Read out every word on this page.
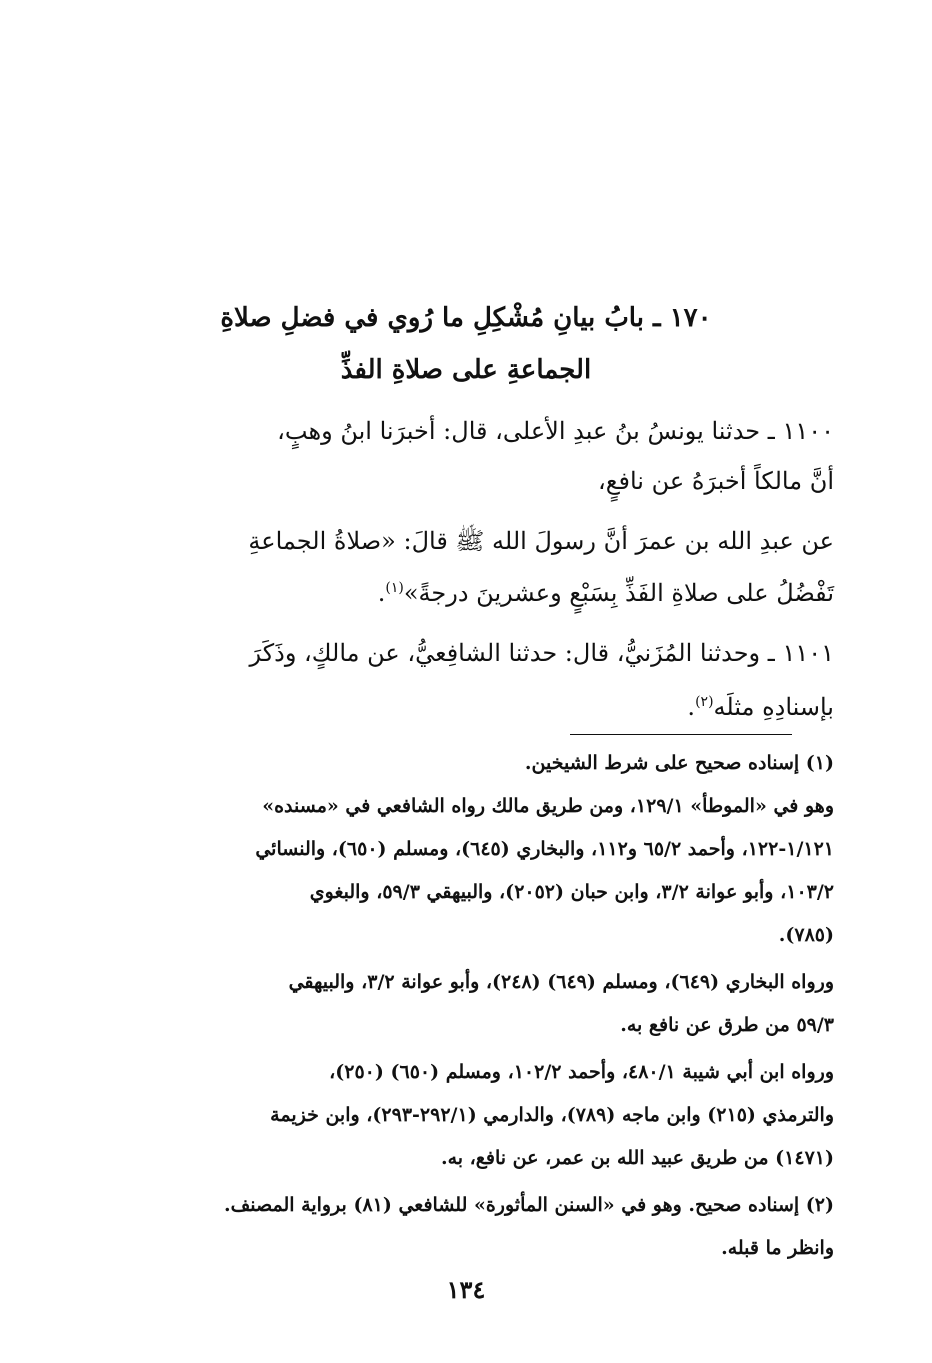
١٧٠ ـ بابُ بيانِ مُشْكِلِ ما رُوي في فضلِ صلاةِ
الجماعةِ على صلاةِ الفذِّ

١١٠٠ ـ حدثنا يونسُ بنُ عبدِ الأعلى، قال: أخبرَنا ابنُ وهبٍ،

أنَّ مالكاً أخبرَهُ عن نافعٍ،

عن عبدِ الله بن عمرَ أنَّ رسولَ الله ﷺ قالَ: «صلاةُ الجماعةِ

تَفْضُلُ على صلاةِ الفَذِّ بِسَبْعٍ وعشرينَ درجةً»$^{(١)}$.

١١٠١ ـ وحدثنا المُزَنيُّ، قال: حدثنا الشافِعيُّ، عن مالكٍ، وذَكَرَ

بإسنادِهِ مثلَه$^{(٢)}$.

(١) إسناده صحيح على شرط الشيخين.

وهو في «الموطأ» ١٢٩/١، ومن طريق مالك رواه الشافعي في «مسنده»

١/١٢١-١٢٢، وأحمد ٦٥/٢ و١١٢، والبخاري (٦٤٥)، ومسلم (٦٥٠)، والنسائي

١٠٣/٢، وأبو عوانة ٣/٢، وابن حبان (٢٠٥٢)، والبيهقي ٥٩/٣، والبغوي

(٧٨٥).

ورواه البخاري (٦٤٩)، ومسلم (٦٤٩) (٢٤٨)، وأبو عوانة ٣/٢، والبيهقي

٥٩/٣ من طرق عن نافع به.

ورواه ابن أبي شيبة ٤٨٠/١، وأحمد ١٠٢/٢، ومسلم (٦٥٠) (٢٥٠)،

والترمذي (٢١٥) وابن ماجه (٧٨٩)، والدارمي (٢٩٢/١-٢٩٣)، وابن خزيمة

(١٤٧١) من طريق عبيد الله بن عمر، عن نافع، به.

(٢) إسناده صحيح. وهو في «السنن المأثورة» للشافعي (٨١) برواية المصنف.

وانظر ما قبله.

١٣٤
